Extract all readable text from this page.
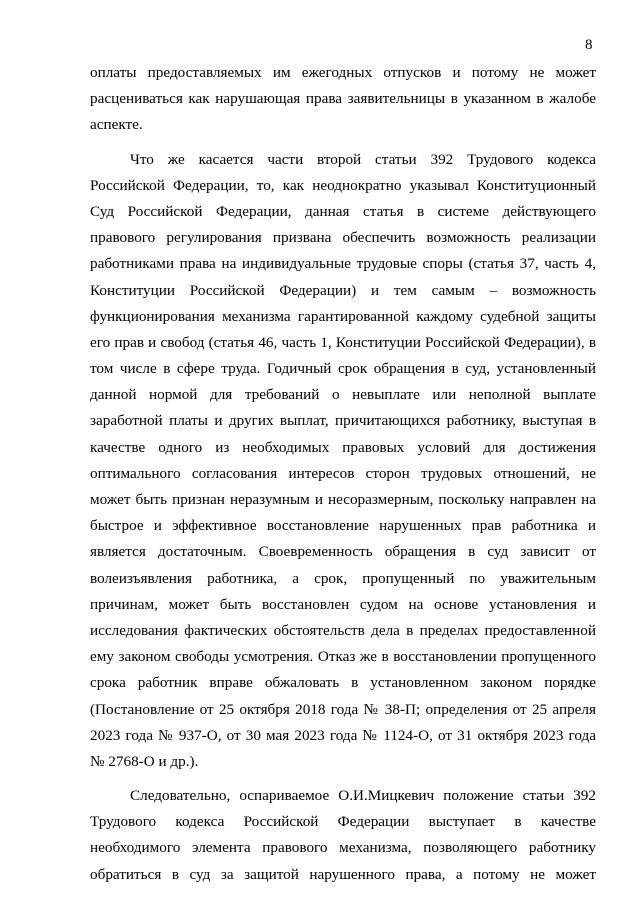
8
оплаты предоставляемых им ежегодных отпусков и потому не может
расцениваться как нарушающая права заявительницы в указанном в жалобе
аспекте.
Что же касается части второй статьи 392 Трудового кодекса
Российской Федерации, то, как неоднократно указывал Конституционный
Суд Российской Федерации, данная статья в системе действующего
правового регулирования призвана обеспечить возможность реализации
работниками права на индивидуальные трудовые споры (статья 37, часть 4,
Конституции Российской Федерации) и тем самым – возможность
функционирования механизма гарантированной каждому судебной защиты
его прав и свобод (статья 46, часть 1, Конституции Российской Федерации), в
том числе в сфере труда. Годичный срок обращения в суд, установленный
данной нормой для требований о невыплате или неполной выплате
заработной платы и других выплат, причитающихся работнику, выступая в
качестве одного из необходимых правовых условий для достижения
оптимального согласования интересов сторон трудовых отношений, не
может быть признан неразумным и несоразмерным, поскольку направлен на
быстрое и эффективное восстановление нарушенных прав работника и
является достаточным. Своевременность обращения в суд зависит от
волеизъявления работника, а срок, пропущенный по уважительным
причинам, может быть восстановлен судом на основе установления и
исследования фактических обстоятельств дела в пределах предоставленной
ему законом свободы усмотрения. Отказ же в восстановлении пропущенного
срока работник вправе обжаловать в установленном законом порядке
(Постановление от 25 октября 2018 года № 38-П; определения от 25 апреля
2023 года № 937-О, от 30 мая 2023 года № 1124-О, от 31 октября 2023 года
№ 2768-О и др.).
Следовательно, оспариваемое О.И.Мицкевич положение статьи 392
Трудового кодекса Российской Федерации выступает в качестве
необходимого элемента правового механизма, позволяющего работнику
обратиться в суд за защитой нарушенного права, а потому не может
